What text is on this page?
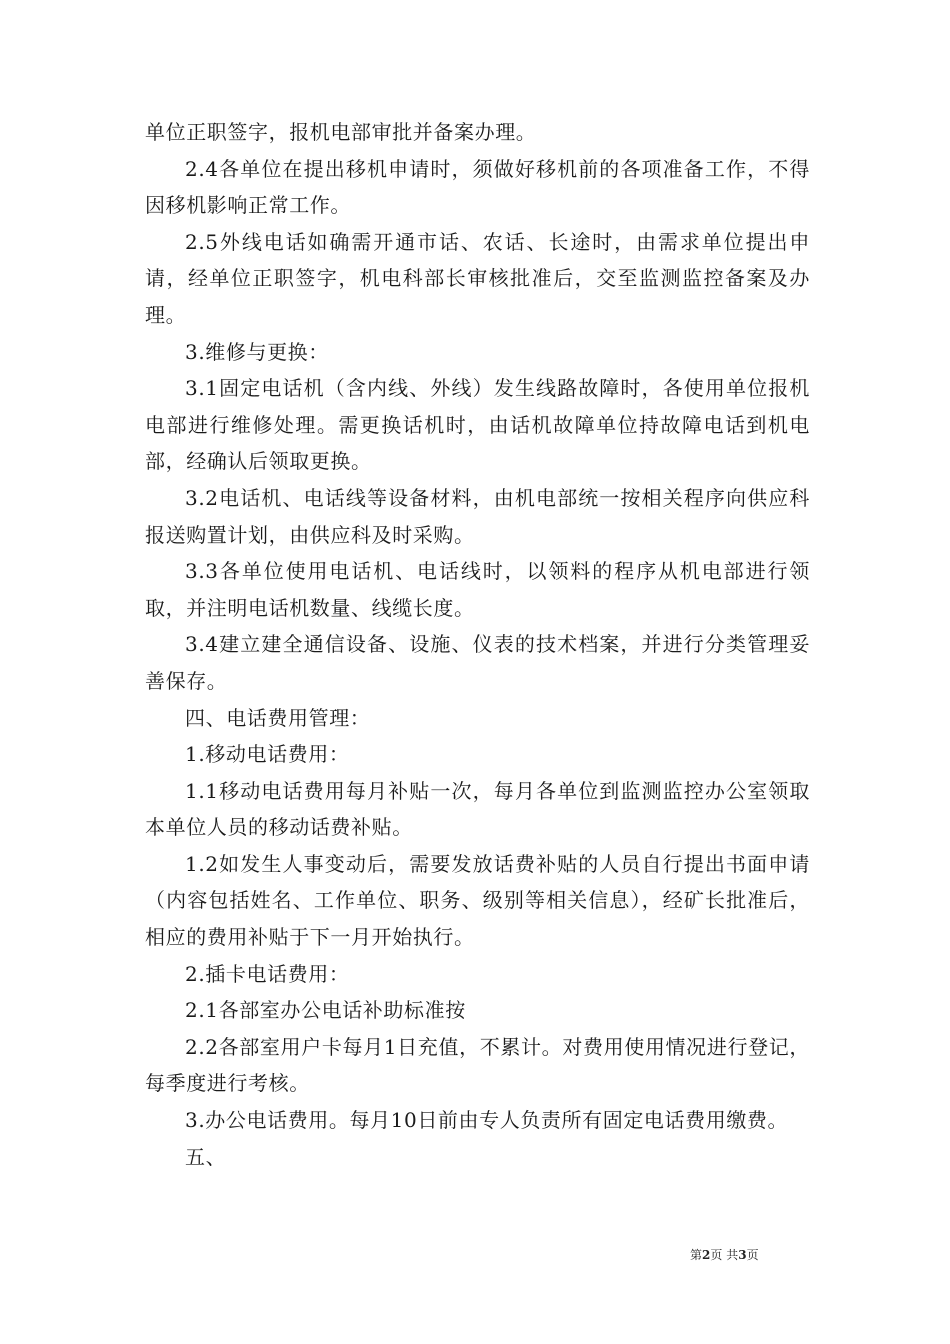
单位正职签字，报机电部审批并备案办理。

2.4各单位在提出移机申请时，须做好移机前的各项准备工作，不得因移机影响正常工作。

2.5外线电话如确需开通市话、农话、长途时，由需求单位提出申请，经单位正职签字，机电科部长审核批准后，交至监测监控备案及办理。

3.维修与更换：

3.1固定电话机（含内线、外线）发生线路故障时，各使用单位报机电部进行维修处理。需更换话机时，由话机故障单位持故障电话到机电部，经确认后领取更换。

3.2电话机、电话线等设备材料，由机电部统一按相关程序向供应科报送购置计划，由供应科及时采购。

3.3各单位使用电话机、电话线时，以领料的程序从机电部进行领取，并注明电话机数量、线缆长度。

3.4建立建全通信设备、设施、仪表的技术档案，并进行分类管理妥善保存。

四、电话费用管理：

1.移动电话费用：

1.1移动电话费用每月补贴一次，每月各单位到监测监控办公室领取本单位人员的移动话费补贴。

1.2如发生人事变动后，需要发放话费补贴的人员自行提出书面申请（内容包括姓名、工作单位、职务、级别等相关信息），经矿长批准后，相应的费用补贴于下一月开始执行。

2.插卡电话费用：

2.1各部室办公电话补助标准按

2.2各部室用户卡每月1日充值，不累计。对费用使用情况进行登记，每季度进行考核。

3.办公电话费用。每月10日前由专人负责所有固定电话费用缴费。

五、

第2页 共3页
